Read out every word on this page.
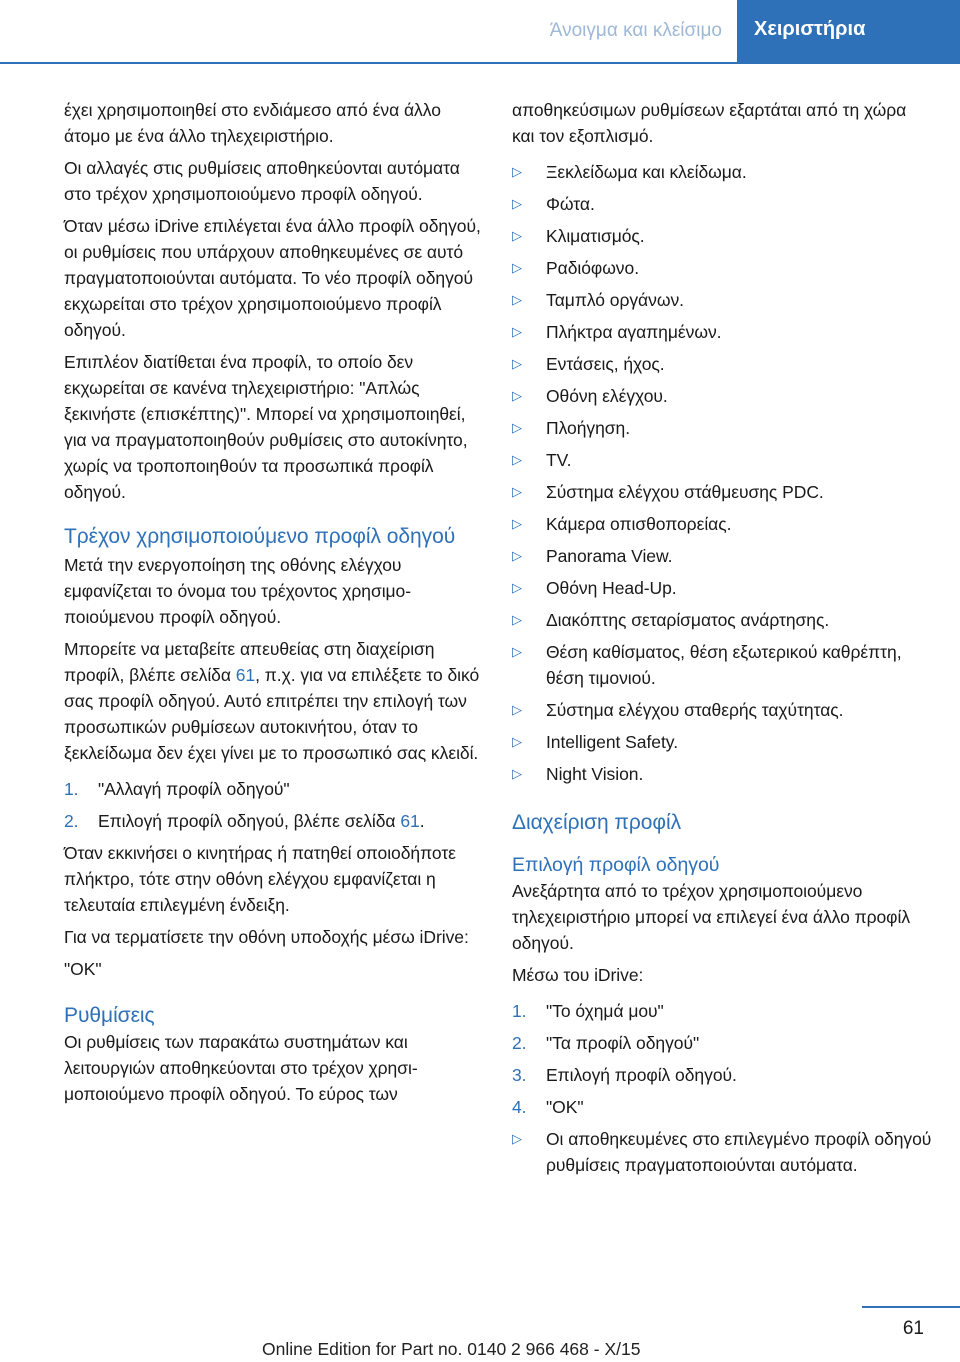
Άνοιγμα και κλείσιμο Χειριστήρια

έχει χρησιμοποιηθεί στο ενδιάμεσο από ένα άλλο άτομο με ένα άλλο τηλεχειριστήριο.

Οι αλλαγές στις ρυθμίσεις αποθηκεύονται αυτόματα στο τρέχον χρησιμοποιούμενο προφίλ οδηγού.

Όταν μέσω iDrive επιλέγεται ένα άλλο προφίλ οδηγού, οι ρυθμίσεις που υπάρχουν αποθηκευμένες σε αυτό πραγματοποιούνται αυτόματα. Το νέο προφίλ οδηγού εκχωρείται στο τρέχον χρησιμοποιούμενο προφίλ οδηγού.

Επιπλέον διατίθεται ένα προφίλ, το οποίο δεν εκχωρείται σε κανένα τηλεχειριστήριο: "Απλώς ξεκινήστε (επισκέπτης)". Μπορεί να χρησιμοποιηθεί, για να πραγματοποιηθούν ρυθμίσεις στο αυτοκίνητο, χωρίς να τροποποιηθούν τα προσωπικά προφίλ οδηγού.

Τρέχον χρησιμοποιούμενο προφίλ οδηγού

Μετά την ενεργοποίηση της οθόνης ελέγχου εμφανίζεται το όνομα του τρέχοντος χρησιμοποιούμενου προφίλ οδηγού.

Μπορείτε να μεταβείτε απευθείας στη διαχείριση προφίλ, βλέπε σελίδα 61, π.χ. για να επιλέξετε το δικό σας προφίλ οδηγού. Αυτό επιτρέπει την επιλογή των προσωπικών ρυθμίσεων αυτοκινήτου, όταν το ξεκλείδωμα δεν έχει γίνει με το προσωπικό σας κλειδί.

1. "Αλλαγή προφίλ οδηγού"
2. Επιλογή προφίλ οδηγού, βλέπε σελίδα 61.

Όταν εκκινήσει ο κινητήρας ή πατηθεί οποιοδήποτε πλήκτρο, τότε στην οθόνη ελέγχου εμφανίζεται η τελευταία επιλεγμένη ένδειξη.

Για να τερματίσετε την οθόνη υποδοχής μέσω iDrive:

"OK"

Ρυθμίσεις

Οι ρυθμίσεις των παρακάτω συστημάτων και λειτουργιών αποθηκεύονται στο τρέχον χρησιμοποιούμενο προφίλ οδηγού. Το εύρος των

αποθηκεύσιμων ρυθμίσεων εξαρτάται από τη χώρα και τον εξοπλισμό.

▷ Ξεκλείδωμα και κλείδωμα.
▷ Φώτα.
▷ Κλιματισμός.
▷ Ραδιόφωνο.
▷ Ταμπλό οργάνων.
▷ Πλήκτρα αγαπημένων.
▷ Εντάσεις, ήχος.
▷ Οθόνη ελέγχου.
▷ Πλοήγηση.
▷ TV.
▷ Σύστημα ελέγχου στάθμευσης PDC.
▷ Κάμερα οπισθοπορείας.
▷ Panorama View.
▷ Οθόνη Head-Up.
▷ Διακόπτης σεταρίσματος ανάρτησης.
▷ Θέση καθίσματος, θέση εξωτερικού καθρέπτη, θέση τιμονιού.
▷ Σύστημα ελέγχου σταθερής ταχύτητας.
▷ Intelligent Safety.
▷ Night Vision.
Διαχείριση προφίλ
Επιλογή προφίλ οδηγού

Ανεξάρτητα από το τρέχον χρησιμοποιούμενο τηλεχειριστήριο μπορεί να επιλεγεί ένα άλλο προφίλ οδηγού.

Μέσω του iDrive:

1. "Το όχημά μου"
2. "Τα προφίλ οδηγού"
3. Επιλογή προφίλ οδηγού.
4. "OK"
▷ Οι αποθηκευμένες στο επιλεγμένο προφίλ οδηγού ρυθμίσεις πραγματοποιούνται αυτόματα.
61
Online Edition for Part no. 0140 2 966 468 - X/15
